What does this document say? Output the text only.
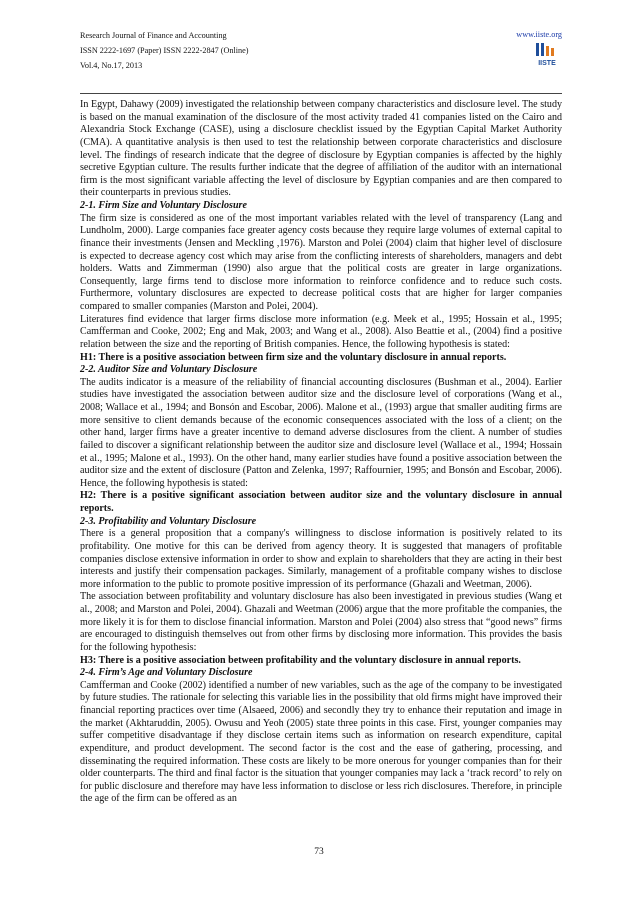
Research Journal of Finance and Accounting
ISSN 2222-1697 (Paper) ISSN 2222-2847 (Online)
Vol.4, No.17, 2013
www.iiste.org
IISTE

In Egypt, Dahawy (2009) investigated the relationship between company characteristics and disclosure level. The study is based on the manual examination of the disclosure of the most activity traded 41 companies listed on the Cairo and Alexandria Stock Exchange (CASE), using a disclosure checklist issued by the Egyptian Capital Market Authority (CMA). A quantitative analysis is then used to test the relationship between corporate characteristics and disclosure level. The findings of research indicate that the degree of disclosure by Egyptian companies is affected by the highly secretive Egyptian culture. The results further indicate that the degree of affiliation of the auditor with an international firm is the most significant variable affecting the level of disclosure by Egyptian companies and are then compared to their counterparts in previous studies.

2-1. Firm Size and Voluntary Disclosure

The firm size is considered as one of the most important variables related with the level of transparency (Lang and Lundholm, 2000). Large companies face greater agency costs because they require large volumes of external capital to finance their investments (Jensen and Meckling ,1976). Marston and Polei (2004) claim that higher level of disclosure is expected to decrease agency cost which may arise from the conflicting interests of shareholders, managers and debt holders. Watts and Zimmerman (1990) also argue that the political costs are greater in large organizations. Consequently, large firms tend to disclose more information to reinforce confidence and to reduce such costs. Furthermore, voluntary disclosures are expected to decrease political costs that are higher for larger companies compared to smaller companies (Marston and Polei, 2004).

Literatures find evidence that larger firms disclose more information (e.g. Meek et al., 1995; Hossain et al., 1995; Camfferman and Cooke, 2002; Eng and Mak, 2003; and Wang et al., 2008). Also Beattie et al., (2004) find a positive relation between the size and the reporting of British companies. Hence, the following hypothesis is stated:

H1: There is a positive association between firm size and the voluntary disclosure in annual reports.

2-2. Auditor Size and Voluntary Disclosure

The audits indicator is a measure of the reliability of financial accounting disclosures (Bushman et al., 2004). Earlier studies have investigated the association between auditor size and the disclosure level of corporations (Wang et al., 2008; Wallace et al., 1994; and Bonsón and Escobar, 2006). Malone et al., (1993) argue that smaller auditing firms are more sensitive to client demands because of the economic consequences associated with the loss of a client; on the other hand, larger firms have a greater incentive to demand adverse disclosures from the client. A number of studies failed to discover a significant relationship between the auditor size and disclosure level (Wallace et al., 1994; Hossain et al., 1995; Malone et al., 1993). On the other hand, many earlier studies have found a positive association between the auditor size and the extent of disclosure (Patton and Zelenka, 1997; Raffournier, 1995; and Bonsón and Escobar, 2006). Hence, the following hypothesis is stated:

H2: There is a positive significant association between auditor size and the voluntary disclosure in annual reports.

2-3. Profitability and Voluntary Disclosure

There is a general proposition that a company's willingness to disclose information is positively related to its profitability. One motive for this can be derived from agency theory. It is suggested that managers of profitable companies disclose extensive information in order to show and explain to shareholders that they are acting in their best interests and justify their compensation packages. Similarly, management of a profitable company wishes to disclose more information to the public to promote positive impression of its performance (Ghazali and Weetman, 2006).

The association between profitability and voluntary disclosure has also been investigated in previous studies (Wang et al., 2008; and Marston and Polei, 2004). Ghazali and Weetman (2006) argue that the more profitable the companies, the more likely it is for them to disclose financial information. Marston and Polei (2004) also stress that “good news” firms are encouraged to distinguish themselves out from other firms by disclosing more information. This provides the basis for the following hypothesis:

H3: There is a positive association between profitability and the voluntary disclosure in annual reports.

2-4. Firm’s Age and Voluntary Disclosure

Camfferman and Cooke (2002) identified a number of new variables, such as the age of the company to be investigated by future studies. The rationale for selecting this variable lies in the possibility that old firms might have improved their financial reporting practices over time (Alsaeed, 2006) and secondly they try to enhance their reputation and image in the market (Akhtaruddin, 2005). Owusu and Yeoh (2005) state three points in this case. First, younger companies may suffer competitive disadvantage if they disclose certain items such as information on research expenditure, capital expenditure, and product development. The second factor is the cost and the ease of gathering, processing, and disseminating the required information. These costs are likely to be more onerous for younger companies than for their older counterparts. The third and final factor is the situation that younger companies may lack a ‘track record’ to rely on for public disclosure and therefore may have less information to disclose or less rich disclosures. Therefore, in principle the age of the firm can be offered as an

73
